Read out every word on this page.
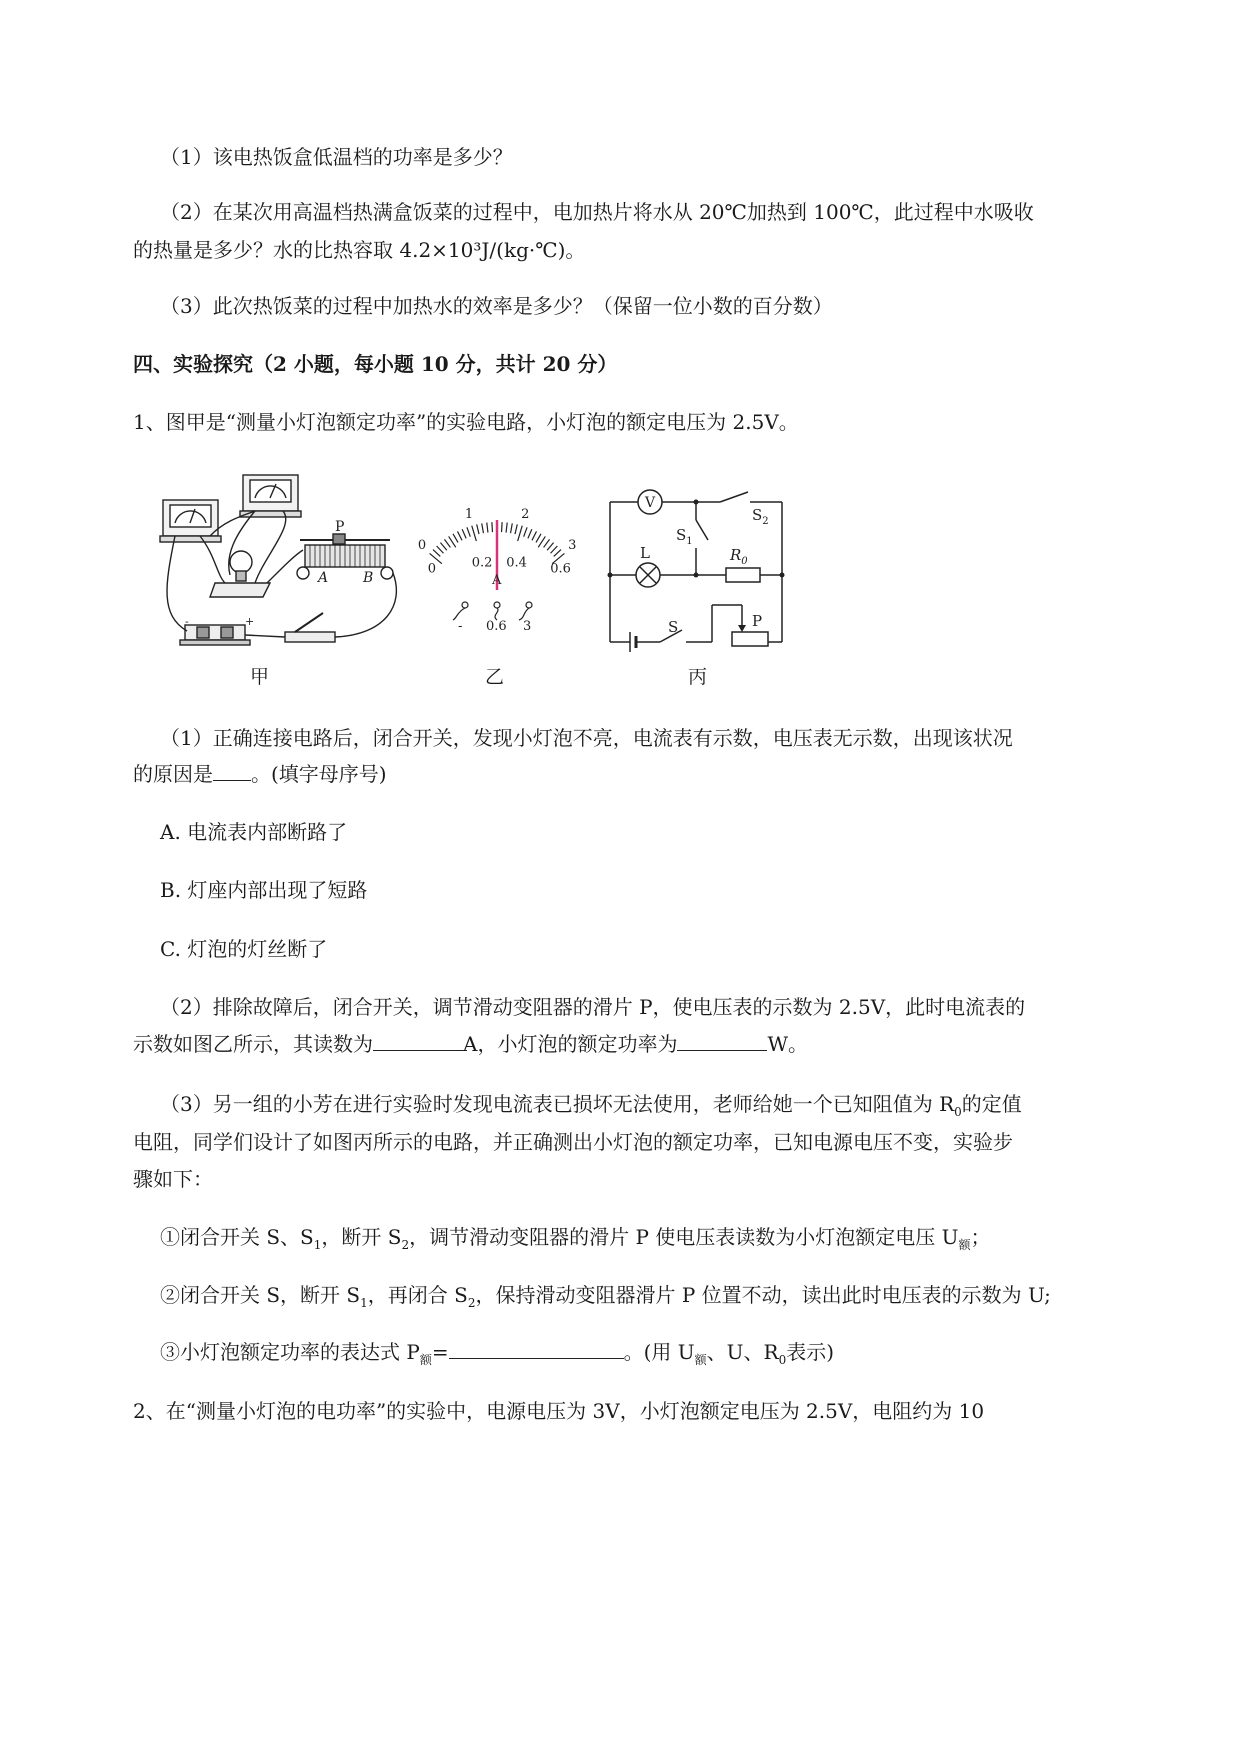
（1）该电热饭盒低温档的功率是多少？
（2）在某次用高温档热满盒饭菜的过程中，电加热片将水从 20℃加热到 100℃，此过程中水吸收
的热量是多少？水的比热容取 4.2×10³J/(kg·℃)。
（3）此次热饭菜的过程中加热水的效率是多少？（保留一位小数的百分数）
四、实验探究（2 小题，每小题 10 分，共计 20 分）
1、图甲是“测量小灯泡额定功率”的实验电路，小灯泡的额定电压为 2.5V。
P
A B
-	+
甲
0
1	2
3
0	0.2 0.4 0.6
A
- 0.6 3
乙
V
$S_2$
$S_1$
L	$R_0$
S	P
丙
（1）正确连接电路后，闭合开关，发现小灯泡不亮，电流表有示数，电压表无示数，出现该状况
的原因是 。(填字母序号)
A. 电流表内部断路了
B. 灯座内部出现了短路
C. 灯泡的灯丝断了
（2）排除故障后，闭合开关，调节滑动变阻器的滑片 P，使电压表的示数为 2.5V，此时电流表的
示数如图乙所示，其读数为	A，小灯泡的额定功率为	W。
（3）另一组的小芳在进行实验时发现电流表已损坏无法使用，老师给她一个已知阻值为 $R_0$的定值
电阻，同学们设计了如图丙所示的电路，并正确测出小灯泡的额定功率，已知电源电压不变，实验步
骤如下：
①闭合开关 S、$S_1$，断开 $S_2$，调节滑动变阻器的滑片 P 使电压表读数为小灯泡额定电压 $U_额$；
②闭合开关 S，断开 $S_1$，再闭合 $S_2$，保持滑动变阻器滑片 P 位置不动，读出此时电压表的示数为 U;
③小灯泡额定功率的表达式 $P_额=$	。(用 $U_额$、U、$R_0$表示)
2、在“测量小灯泡的电功率”的实验中，电源电压为 3V，小灯泡额定电压为 2.5V，电阻约为 10
